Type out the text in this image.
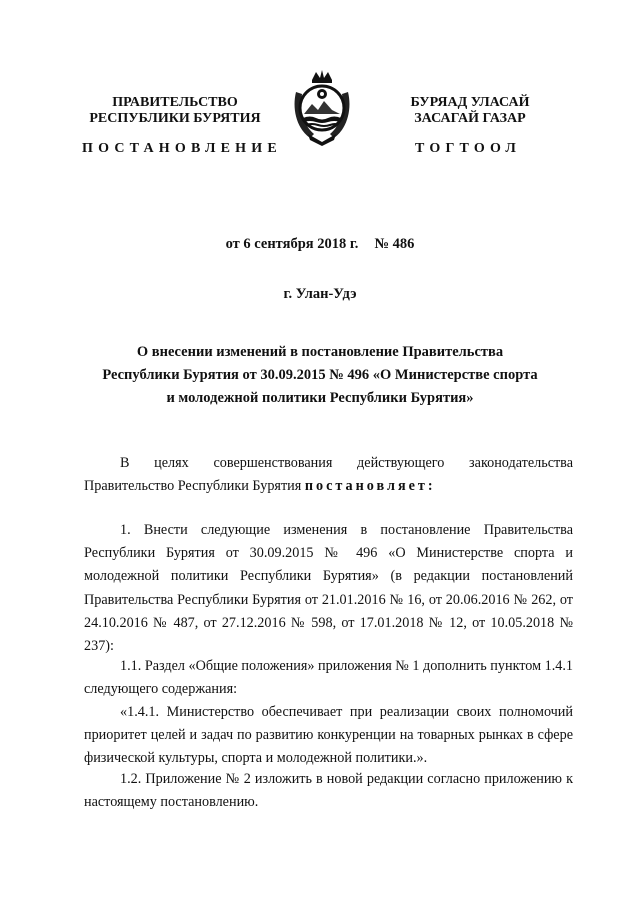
ПРАВИТЕЛЬСТВО
РЕСПУБЛИКИ БУРЯТИЯ
БУРЯАД УЛАСАЙ
ЗАСАГАЙ ГАЗАР
ПОСТАНОВЛЕНИЕ	ТОГТООЛ
от 6 сентября 2018 г. № 486
г. Улан-Удэ
О внесении изменений в постановление Правительства
Республики Бурятия от 30.09.2015 № 496 «О Министерстве спорта
и молодежной политики Республики Бурятия»

В целях совершенствования действующего законодательства Правительство Республики Бурятия постановляет:

1. Внести следующие изменения в постановление Правительства Республики Бурятия от 30.09.2015 № 496 «О Министерстве спорта и молодежной политики Республики Бурятия» (в редакции постановлений Правительства Республики Бурятия от 21.01.2016 № 16, от 20.06.2016 № 262, от 24.10.2016 № 487, от 27.12.2016 № 598, от 17.01.2018 № 12, от 10.05.2018 № 237):

1.1. Раздел «Общие положения» приложения № 1 дополнить пунктом 1.4.1 следующего содержания:

«1.4.1. Министерство обеспечивает при реализации своих полномочий приоритет целей и задач по развитию конкуренции на товарных рынках в сфере физической культуры, спорта и молодежной политики.».

1.2. Приложение № 2 изложить в новой редакции согласно приложению к настоящему постановлению.
